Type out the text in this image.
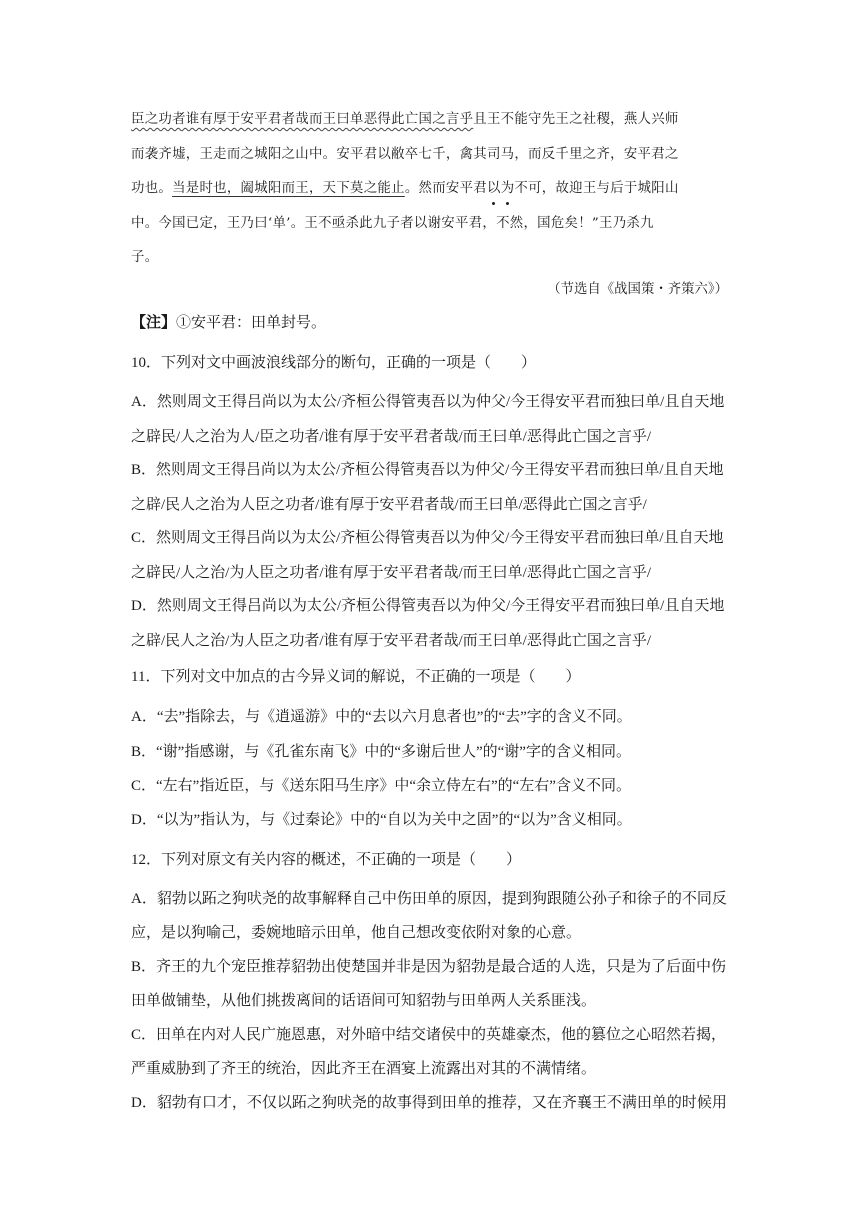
臣之功者谁有厚于安平君者哉而王曰单恶得此亡国之言乎且王不能守先王之社稷，燕人兴师
而袭齐墟，王走而之城阳之山中。安平君以敝卒七千，禽其司马，而反千里之齐，安平君之
功也。当是时也，阖城阳而王，天下莫之能止。然而安平君以为不可，故迎王与后于城阳山
中。今国已定，王乃曰‘单’。王不亟杀此九子者以谢安平君，不然，国危矣！”王乃杀九
子。
（节选自《战国策・齐策六》）
【注】①安平君：田单封号。
10．下列对文中画波浪线部分的断句，正确的一项是（　　）
A．然则周文王得吕尚以为太公/齐桓公得管夷吾以为仲父/今王得安平君而独曰单/且自天地
之辟民/人之治为人/臣之功者/谁有厚于安平君者哉/而王曰单/恶得此亡国之言乎/
B．然则周文王得吕尚以为太公/齐桓公得管夷吾以为仲父/今王得安平君而独曰单/且自天地
之辟/民人之治为人臣之功者/谁有厚于安平君者哉/而王曰单/恶得此亡国之言乎/
C．然则周文王得吕尚以为太公/齐桓公得管夷吾以为仲父/今王得安平君而独曰单/且自天地
之辟民/人之治/为人臣之功者/谁有厚于安平君者哉/而王曰单/恶得此亡国之言乎/
D．然则周文王得吕尚以为太公/齐桓公得管夷吾以为仲父/今王得安平君而独曰单/且自天地
之辟/民人之治/为人臣之功者/谁有厚于安平君者哉/而王曰单/恶得此亡国之言乎/
11．下列对文中加点的古今异义词的解说，不正确的一项是（　　）
A．“去”指除去，与《逍遥游》中的“去以六月息者也”的“去”字的含义不同。
B．“谢”指感谢，与《孔雀东南飞》中的“多谢后世人”的“谢”字的含义相同。
C．“左右”指近臣，与《送东阳马生序》中“余立侍左右”的“左右”含义不同。
D．“以为”指认为，与《过秦论》中的“自以为关中之固”的“以为”含义相同。
12．下列对原文有关内容的概述，不正确的一项是（　　）
A．貂勃以跖之狗吠尧的故事解释自己中伤田单的原因，提到狗跟随公孙子和徐子的不同反
应，是以狗喻己，委婉地暗示田单，他自己想改变依附对象的心意。
B．齐王的九个宠臣推荐貂勃出使楚国并非是因为貂勃是最合适的人选，只是为了后面中伤
田单做铺垫，从他们挑拨离间的话语间可知貂勃与田单两人关系匪浅。
C．田单在内对人民广施恩惠，对外暗中结交诸侯中的英雄豪杰，他的篡位之心昭然若揭，
严重威胁到了齐王的统治，因此齐王在酒宴上流露出对其的不满情绪。
D．貂勃有口才，不仅以跖之狗吠尧的故事得到田单的推荐，又在齐襄王不满田单的时候用
